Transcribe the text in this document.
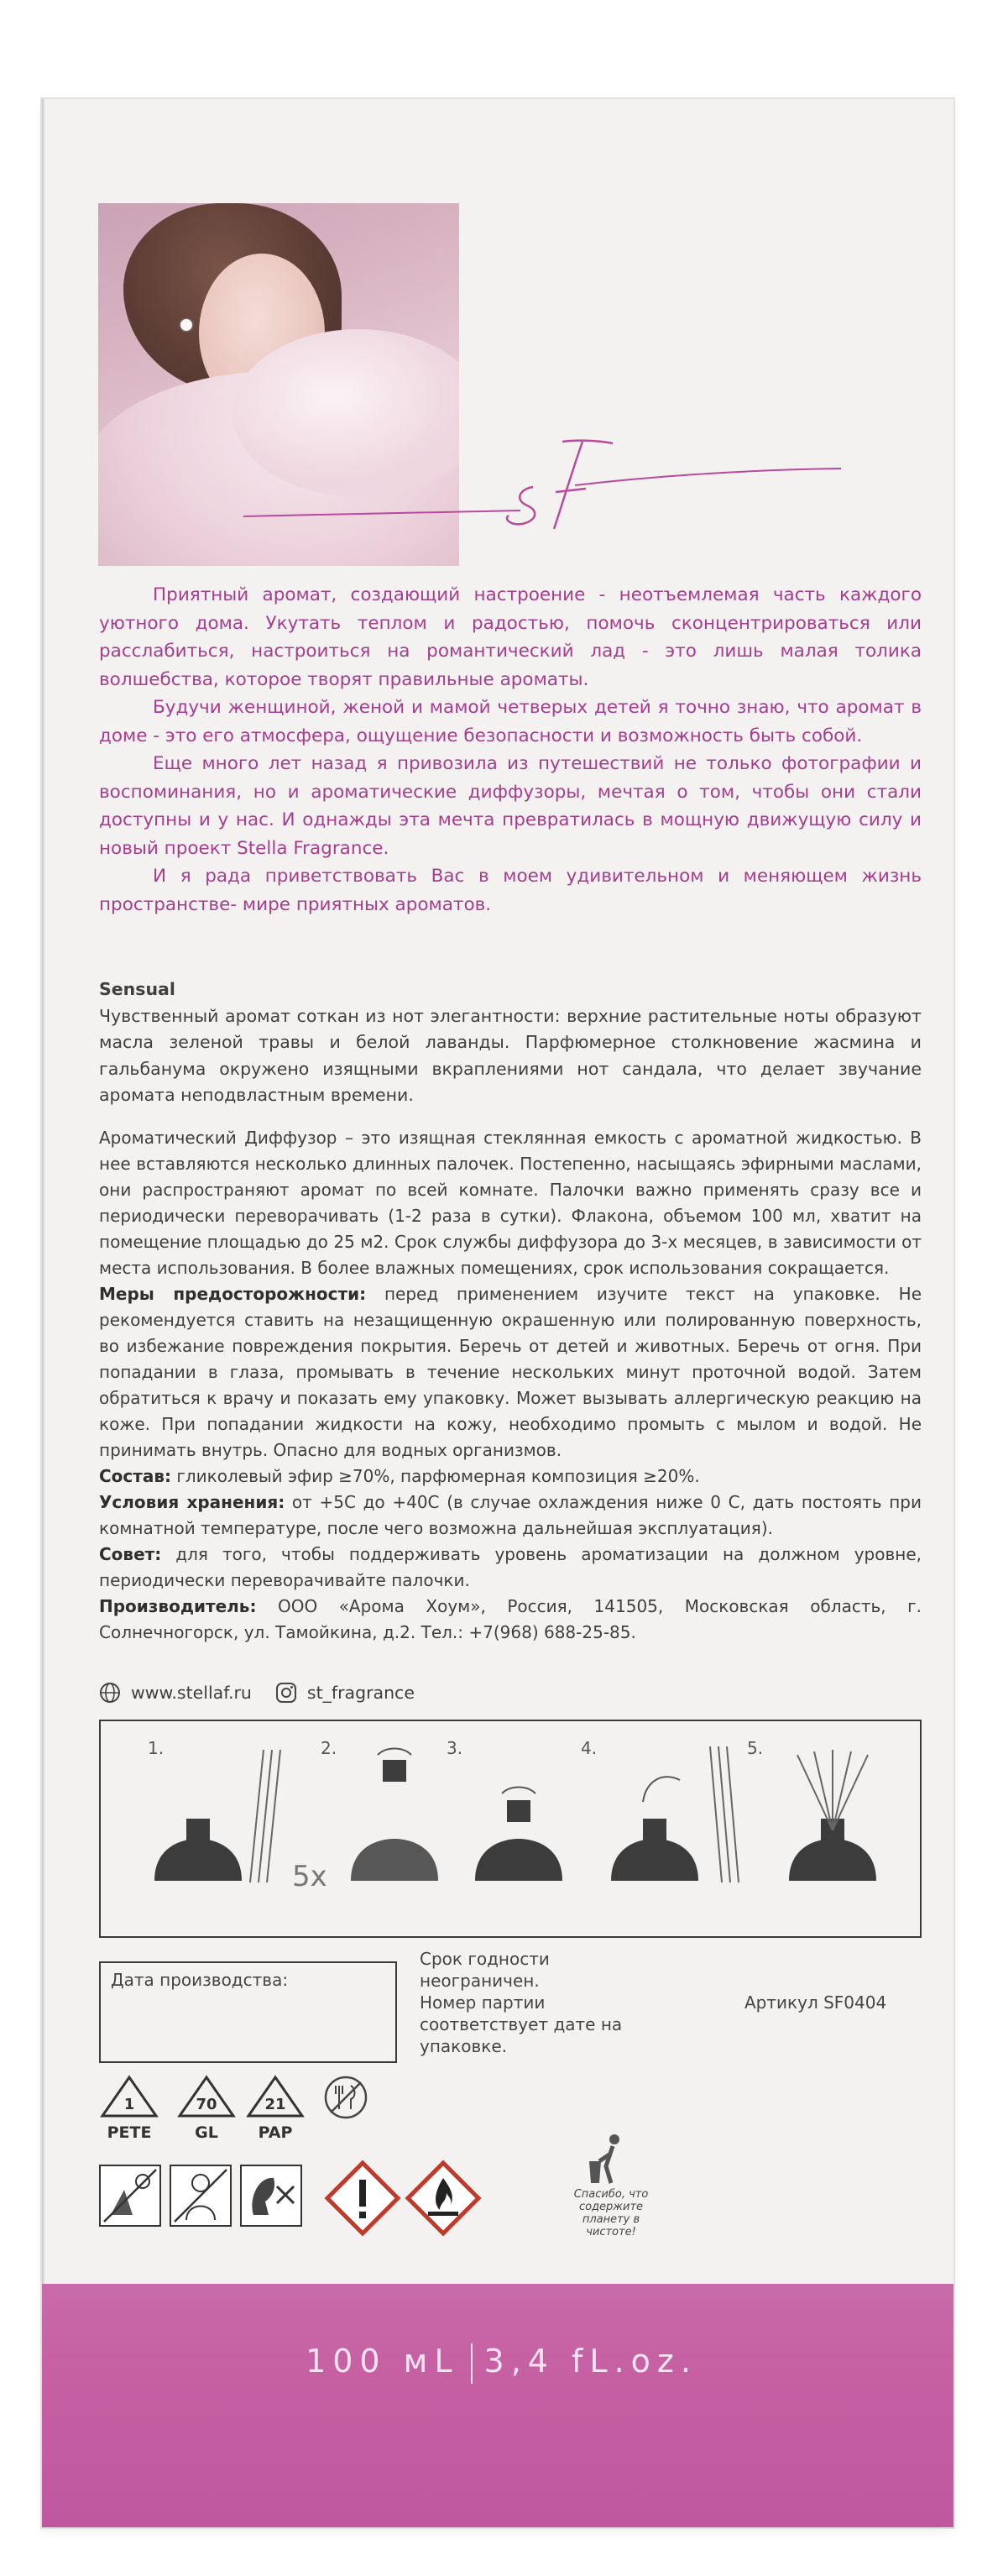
Приятный аромат, создающий настроение - неотъемлемая часть каждого уютного дома. Укутать теплом и радостью, помочь сконцентрироваться или расслабиться, настроиться на романтический лад - это лишь малая толика волшебства, которое творят правильные ароматы.

Будучи женщиной, женой и мамой четверых детей я точно знаю, что аромат в доме - это его атмосфера, ощущение безопасности и возможность быть собой.

Еще много лет назад я привозила из путешествий не только фотографии и воспоминания, но и ароматические диффузоры, мечтая о том, чтобы они стали доступны и у нас. И однажды эта мечта превратилась в мощную движущую силу и новый проект Stella Fragrance.

И я рада приветствовать Вас в моем удивительном и меняющем жизнь пространстве- мире приятных ароматов.

Sensual

Чувственный аромат соткан из нот элегантности: верхние растительные ноты образуют масла зеленой травы и белой лаванды. Парфюмерное столкновение жасмина и гальбанума окружено изящными вкраплениями нот сандала, что делает звучание аромата неподвластным времени.

Ароматический Диффузор – это изящная стеклянная емкость с ароматной жидкостью. В нее вставляются несколько длинных палочек. Постепенно, насыщаясь эфирными маслами, они распространяют аромат по всей комнате. Палочки важно применять сразу все и периодически переворачивать (1-2 раза в сутки). Флакона, объемом 100 мл, хватит на помещение площадью до 25 м2. Срок службы диффузора до 3-х месяцев, в зависимости от места использования. В более влажных помещениях, срок использования сокращается.

Меры предосторожности: перед применением изучите текст на упаковке. Не рекомендуется ставить на незащищенную окрашенную или полированную поверхность, во избежание повреждения покрытия. Беречь от детей и животных. Беречь от огня. При попадании в глаза, промывать в течение нескольких минут проточной водой. Затем обратиться к врачу и показать ему упаковку. Может вызывать аллергическую реакцию на коже. При попадании жидкости на кожу, необходимо промыть с мылом и водой. Не принимать внутрь. Опасно для водных организмов.

Состав: гликолевый эфир ≥70%, парфюмерная композиция ≥20%.

Условия хранения: от +5С до +40С (в случае охлаждения ниже 0 С, дать постоять при комнатной температуре, после чего возможна дальнейшая эксплуатация).

Совет: для того, чтобы поддерживать уровень ароматизации на должном уровне, периодически переворачивайте палочки.

Производитель: ООО «Арома Хоум», Россия, 141505, Московская область, г. Солнечногорск, ул. Тамойкина, д.2. Тел.: +7(968) 688-25-85.

www.stellaf.ru	st_fragrance
1.	2.	3.	4.	5.
5x
Дата производства:
Срок годности неограничен.
Номер партии соответствует дате на упаковке.
Артикул SF0404
1
PETE
70
GL
21
PAP
Спасибо, что содержите планету в чистоте!
100 мL 3,4 fL.oz.
